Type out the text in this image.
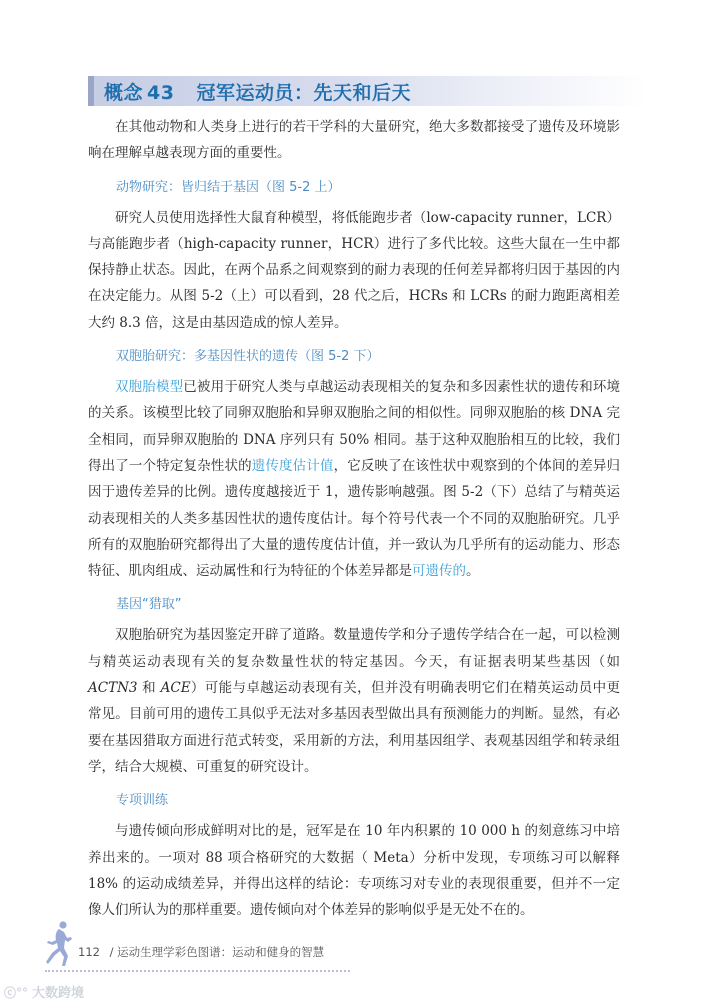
概念 43 冠军运动员：先天和后天

在其他动物和人类身上进行的若干学科的大量研究，绝大多数都接受了遗传及环境影响在理解卓越表现方面的重要性。

动物研究：皆归结于基因（图 5-2 上）

研究人员使用选择性大鼠育种模型，将低能跑步者（low-capacity runner，LCR）与高能跑步者（high-capacity runner，HCR）进行了多代比较。这些大鼠在一生中都保持静止状态。因此，在两个品系之间观察到的耐力表现的任何差异都将归因于基因的内在决定能力。从图 5-2（上）可以看到，28 代之后，HCRs 和 LCRs 的耐力跑距离相差大约 8.3 倍，这是由基因造成的惊人差异。

双胞胎研究：多基因性状的遗传（图 5-2 下）

双胞胎模型已被用于研究人类与卓越运动表现相关的复杂和多因素性状的遗传和环境的关系。该模型比较了同卵双胞胎和异卵双胞胎之间的相似性。同卵双胞胎的核 DNA 完全相同，而异卵双胞胎的 DNA 序列只有 50% 相同。基于这种双胞胎相互的比较，我们得出了一个特定复杂性状的遗传度估计值，它反映了在该性状中观察到的个体间的差异归因于遗传差异的比例。遗传度越接近于 1，遗传影响越强。图 5-2（下）总结了与精英运动表现相关的人类多基因性状的遗传度估计。每个符号代表一个不同的双胞胎研究。几乎所有的双胞胎研究都得出了大量的遗传度估计值，并一致认为几乎所有的运动能力、形态特征、肌肉组成、运动属性和行为特征的个体差异都是可遗传的。

基因“猎取”

双胞胎研究为基因鉴定开辟了道路。数量遗传学和分子遗传学结合在一起，可以检测与精英运动表现有关的复杂数量性状的特定基因。今天，有证据表明某些基因（如 ACTN3 和 ACE）可能与卓越运动表现有关，但并没有明确表明它们在精英运动员中更常见。目前可用的遗传工具似乎无法对多基因表型做出具有预测能力的判断。显然，有必要在基因猎取方面进行范式转变，采用新的方法，利用基因组学、表观基因组学和转录组学，结合大规模、可重复的研究设计。

专项训练

与遗传倾向形成鲜明对比的是，冠军是在 10 年内积累的 10 000 h 的刻意练习中培养出来的。一项对 88 项合格研究的大数据（ Meta）分析中发现，专项练习可以解释 18% 的运动成绩差异，并得出这样的结论：专项练习对专业的表现很重要，但并不一定像人们所认为的那样重要。遗传倾向对个体差异的影响似乎是无处不在的。

112 / 运动生理学彩色图谱：运动和健身的智慧
ⓒ°° 大数跨境
